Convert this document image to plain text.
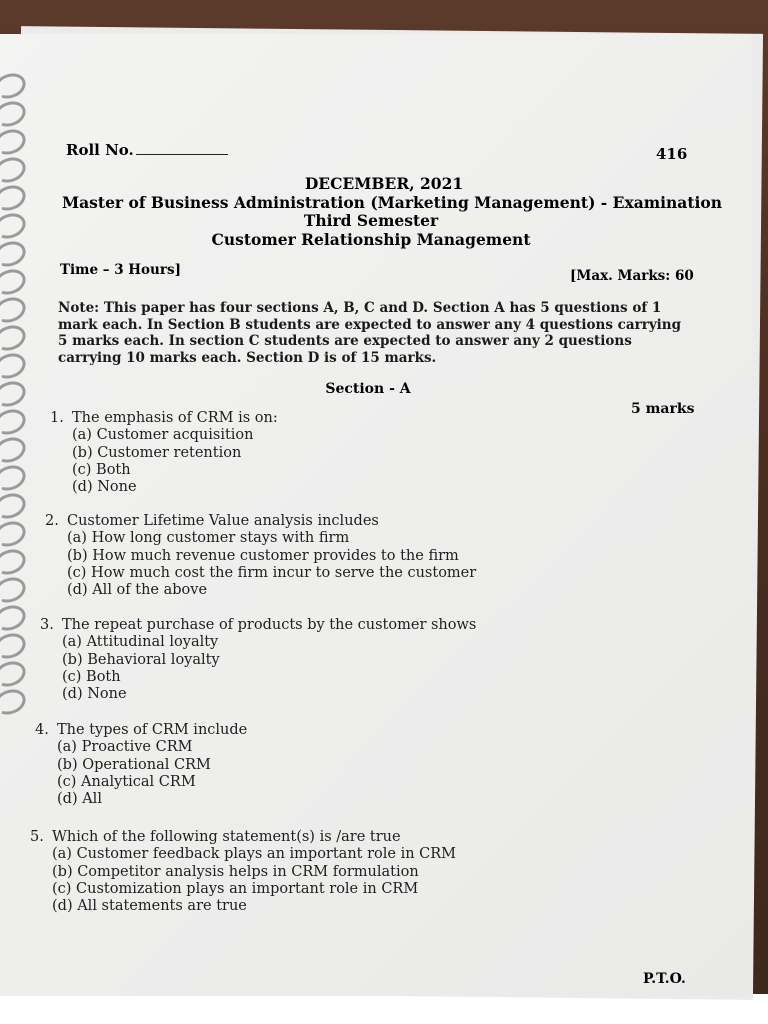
Roll No.	416
DECEMBER, 2021
Master of Business Administration (Marketing Management) - Examination
Third Semester
Customer Relationship Management
Time – 3 Hours]	[Max. Marks: 60
Note: This paper has four sections A, B, C and D. Section A has 5 questions of 1 mark each. In Section B students are expected to answer any 4 questions carrying 5 marks each. In section C students are expected to answer any 2 questions carrying 10 marks each. Section D is of 15 marks.
Section - A
5 marks
1. The emphasis of CRM is on:
(a) Customer acquisition
(b) Customer retention
(c) Both
(d) None
2. Customer Lifetime Value analysis includes
(a) How long customer stays with firm
(b) How much revenue customer provides to the firm
(c) How much cost the firm incur to serve the customer
(d) All of the above
3. The repeat purchase of products by the customer shows
(a) Attitudinal loyalty
(b) Behavioral loyalty
(c) Both
(d) None
4. The types of CRM include
(a) Proactive CRM
(b) Operational CRM
(c) Analytical CRM
(d) All
5. Which of the following statement(s) is /are true
(a) Customer feedback plays an important role in CRM
(b) Competitor analysis helps in CRM formulation
(c) Customization plays an important role in CRM
(d) All statements are true
P.T.O.
